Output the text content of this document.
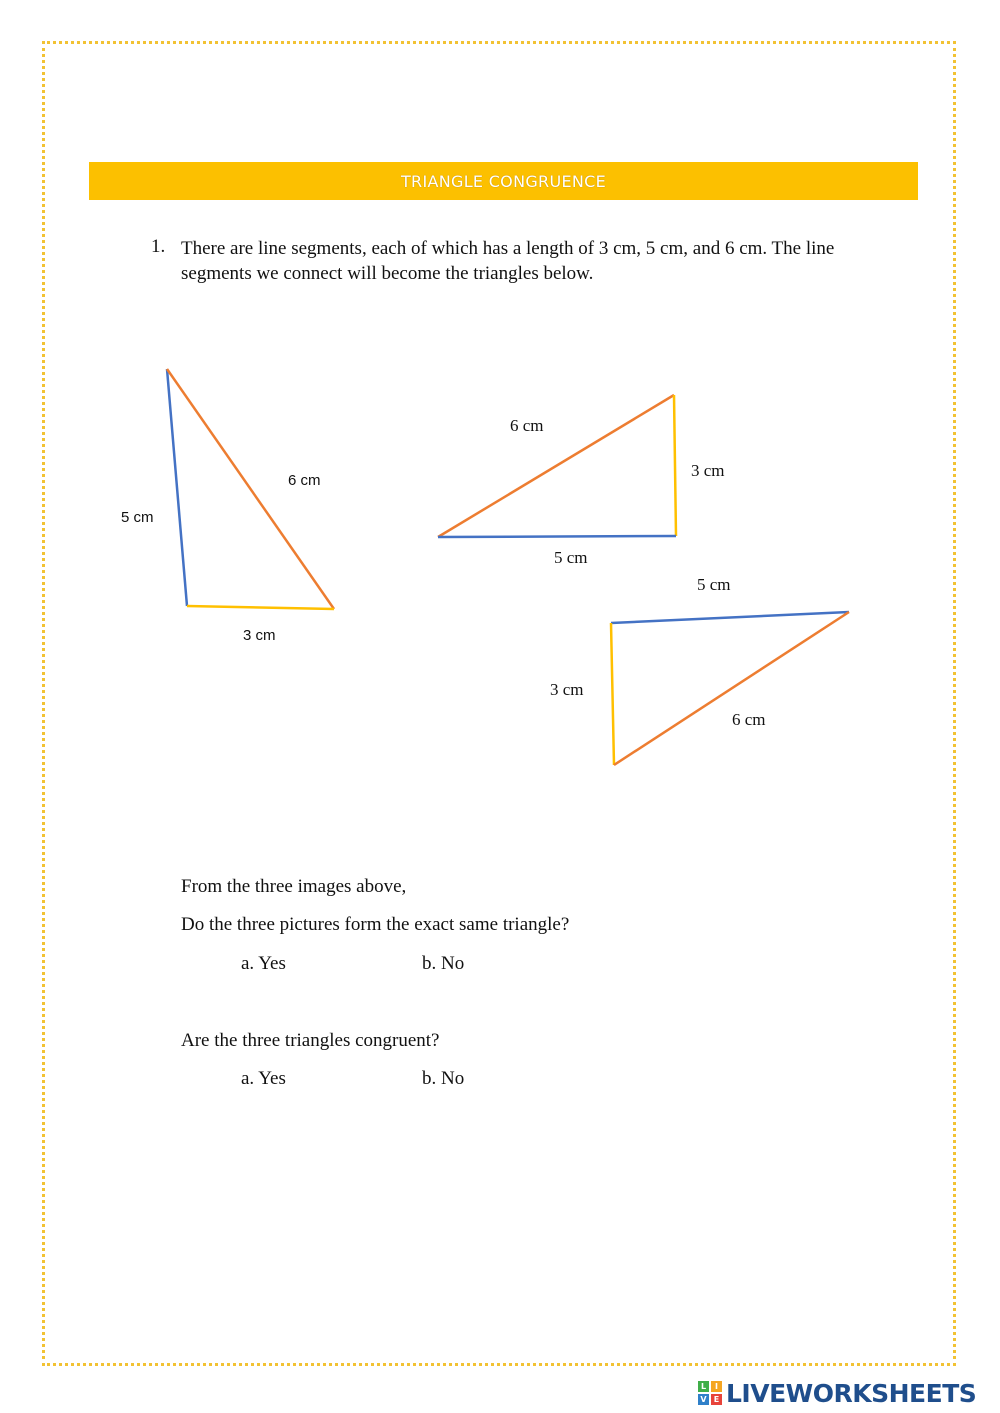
TRIANGLE CONGRUENCE
1. There are line segments, each of which has a length of 3 cm, 5 cm, and 6 cm. The line segments we connect will become the triangles below.
5 cm
6 cm
3 cm
6 cm
3 cm
5 cm
5 cm
3 cm
6 cm
From the three images above,
Do the three pictures form the exact same triangle?
a. Yes	b. No
Are the three triangles congruent?
a. Yes	b. No
L	I
V E LIVEWORKSHEETS
